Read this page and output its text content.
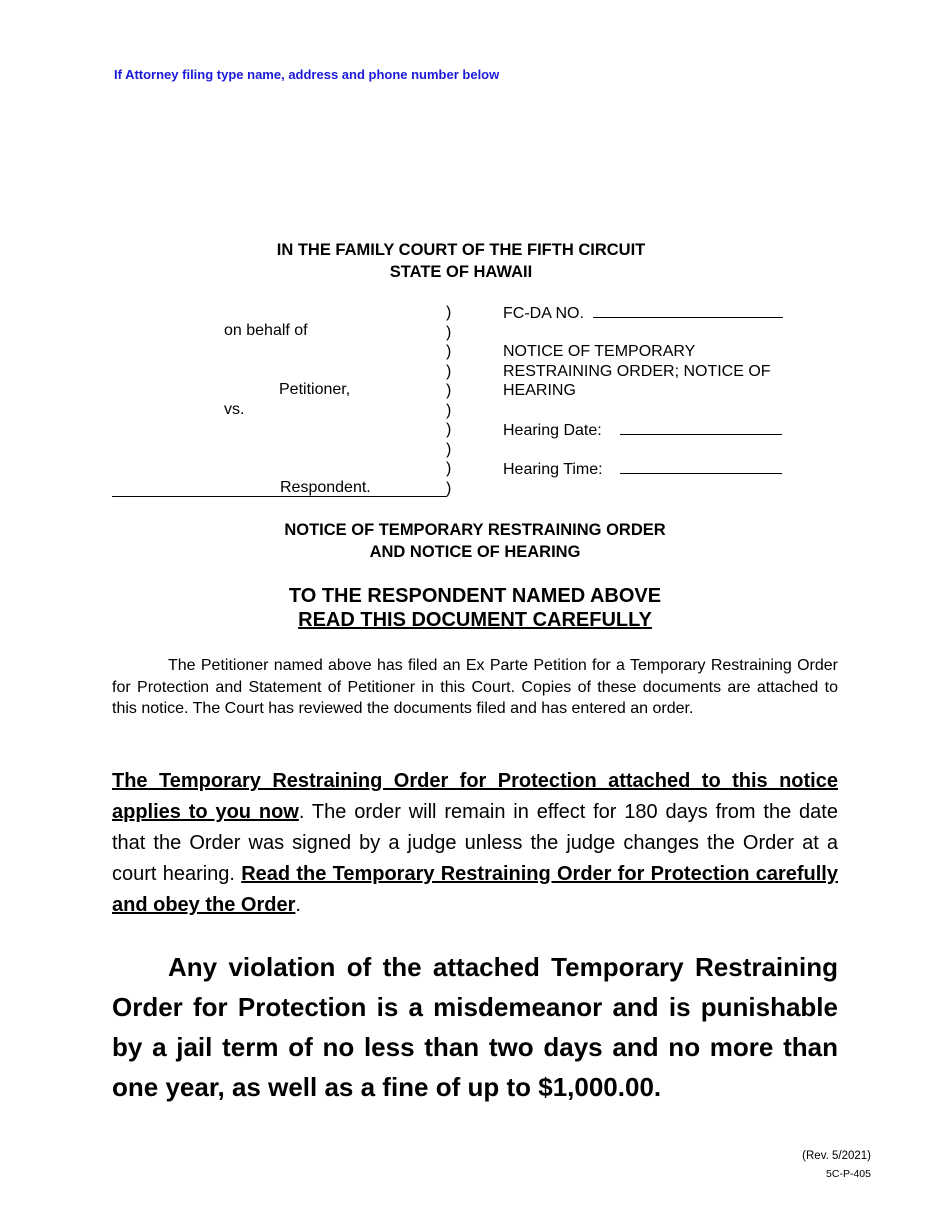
If Attorney filing type name, address and phone number below
IN THE FAMILY COURT OF THE FIFTH CIRCUIT
STATE OF HAWAII
on behalf of
Petitioner,
vs.
Respondent.
)
)
)
)
)
)
)
)
)
)
FC-DA NO.
NOTICE OF TEMPORARY
RESTRAINING ORDER; NOTICE OF
HEARING
Hearing Date:
Hearing Time:
NOTICE OF TEMPORARY RESTRAINING ORDER
AND NOTICE OF HEARING
TO THE RESPONDENT NAMED ABOVE
READ THIS DOCUMENT CAREFULLY
The Petitioner named above has filed an Ex Parte Petition for a Temporary Restraining Order for Protection and Statement of Petitioner in this Court. Copies of these documents are attached to this notice. The Court has reviewed the documents filed and has entered an order.
The Temporary Restraining Order for Protection attached to this notice applies to you now. The order will remain in effect for 180 days from the date that the Order was signed by a judge unless the judge changes the Order at a court hearing. Read the Temporary Restraining Order for Protection carefully and obey the Order.
Any violation of the attached Temporary Restraining Order for Protection is a misdemeanor and is punishable by a jail term of no less than two days and no more than one year, as well as a fine of up to $1,000.00.
(Rev. 5/2021)
5C-P-405
